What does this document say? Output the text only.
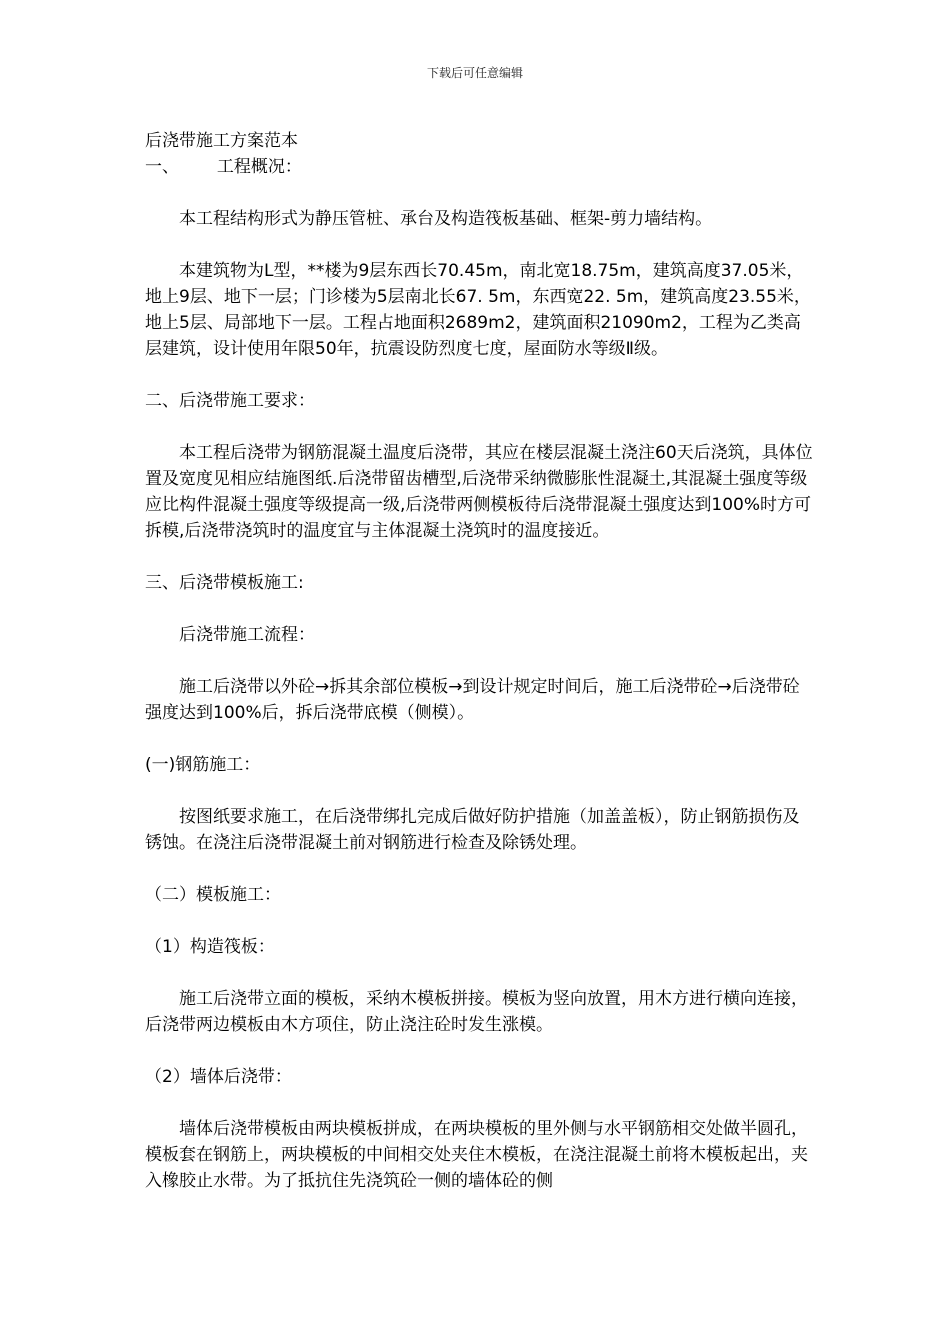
下载后可任意编辑

后浇带施工方案范本

一、       工程概况：

本工程结构形式为静压管桩、承台及构造筏板基础、框架-剪力墙结构。

本建筑物为L型，**楼为9层东西长70.45m，南北宽18.75m，建筑高度37.05米，地上9层、地下一层；门诊楼为5层南北长67. 5m，东西宽22. 5m，建筑高度23.55米，地上5层、局部地下一层。工程占地面积2689m2，建筑面积21090m2，工程为乙类高层建筑，设计使用年限50年，抗震设防烈度七度，屋面防水等级Ⅱ级。

二、后浇带施工要求：

本工程后浇带为钢筋混凝土温度后浇带，其应在楼层混凝土浇注60天后浇筑，具体位置及宽度见相应结施图纸.后浇带留齿槽型,后浇带采纳微膨胀性混凝土,其混凝土强度等级应比构件混凝土强度等级提高一级,后浇带两侧模板待后浇带混凝土强度达到100%时方可拆模,后浇带浇筑时的温度宜与主体混凝土浇筑时的温度接近。

三、后浇带模板施工:

后浇带施工流程：

施工后浇带以外砼→拆其余部位模板→到设计规定时间后，施工后浇带砼→后浇带砼强度达到100%后，拆后浇带底模（侧模）。

(一)钢筋施工：

按图纸要求施工，在后浇带绑扎完成后做好防护措施（加盖盖板），防止钢筋损伤及锈蚀。在浇注后浇带混凝土前对钢筋进行检查及除锈处理。

（二）模板施工：

（1）构造筏板：

施工后浇带立面的模板，采纳木模板拼接。模板为竖向放置，用木方进行横向连接，后浇带两边模板由木方项住，防止浇注砼时发生涨模。

（2）墙体后浇带：

墙体后浇带模板由两块模板拼成，在两块模板的里外侧与水平钢筋相交处做半圆孔，模板套在钢筋上，两块模板的中间相交处夹住木模板，在浇注混凝土前将木模板起出，夹入橡胶止水带。为了抵抗住先浇筑砼一侧的墙体砼的侧
